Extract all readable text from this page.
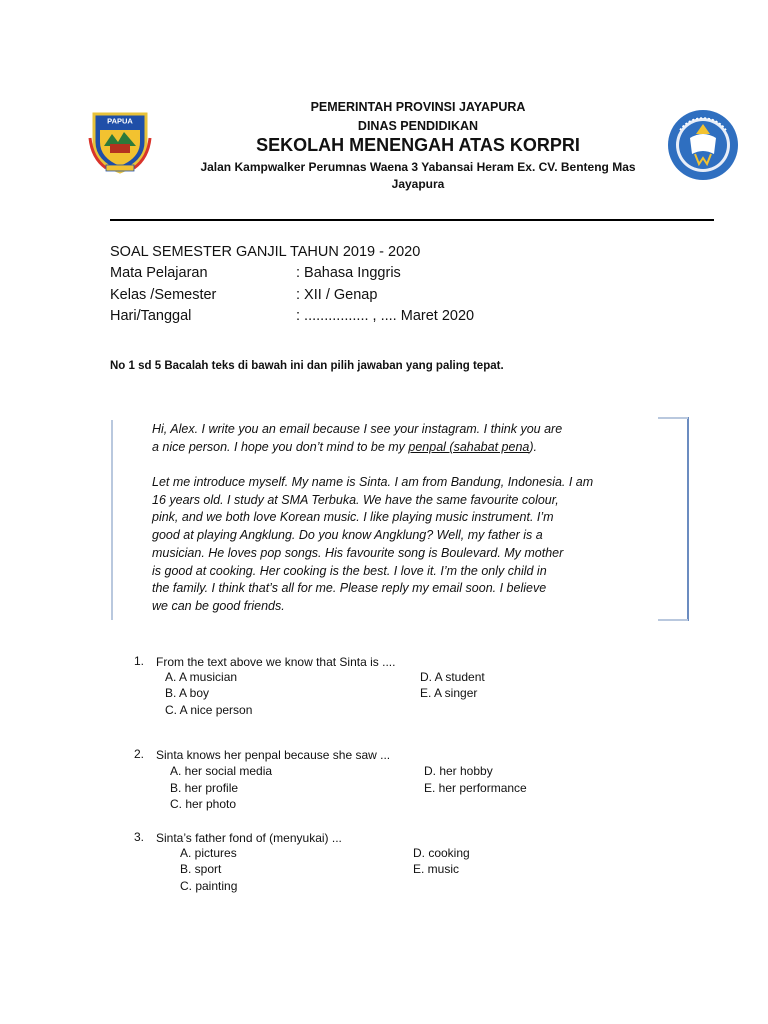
PAPUA
PEMERINTAH PROVINSI JAYAPURA
DINAS PENDIDIKAN
SEKOLAH MENENGAH ATAS KORPRI
Jalan Kampwalker Perumnas Waena 3 Yabansai Heram Ex. CV. Benteng Mas
Jayapura
SOAL SEMESTER GANJIL TAHUN 2019 - 2020
Mata Pelajaran	: Bahasa Inggris
Kelas /Semester	: XII / Genap
Hari/Tanggal	: ................ , .... Maret 2020
No 1 sd 5 Bacalah teks di bawah ini dan pilih jawaban yang paling tepat.

Hi, Alex. I write you an email because I see your instagram. I think you are

a nice person. I hope you don’t mind to be my penpal (sahabat pena).

Let me introduce myself. My name is Sinta. I am from Bandung, Indonesia. I am

16 years old. I study at SMA Terbuka. We have the same favourite colour,

pink, and we both love Korean music. I like playing music instrument. I’m

good at playing Angklung. Do you know Angklung? Well, my father is a

musician. He loves pop songs. His favourite song is Boulevard. My mother

is good at cooking. Her cooking is the best. I love it. I’m the only child in

the family. I think that’s all for me. Please reply my email soon. I believe

we can be good friends.

1. From the text above we know that Sinta is ....
A. A musician
B. A boy
C. A nice person
D. A student
E. A singer
2. Sinta knows her penpal because she saw ...
A. her social media
B. her profile
C. her photo
D. her hobby
E. her performance
3. Sinta’s father fond of (menyukai) ...
A. pictures
B. sport
C. painting
D. cooking
E. music
